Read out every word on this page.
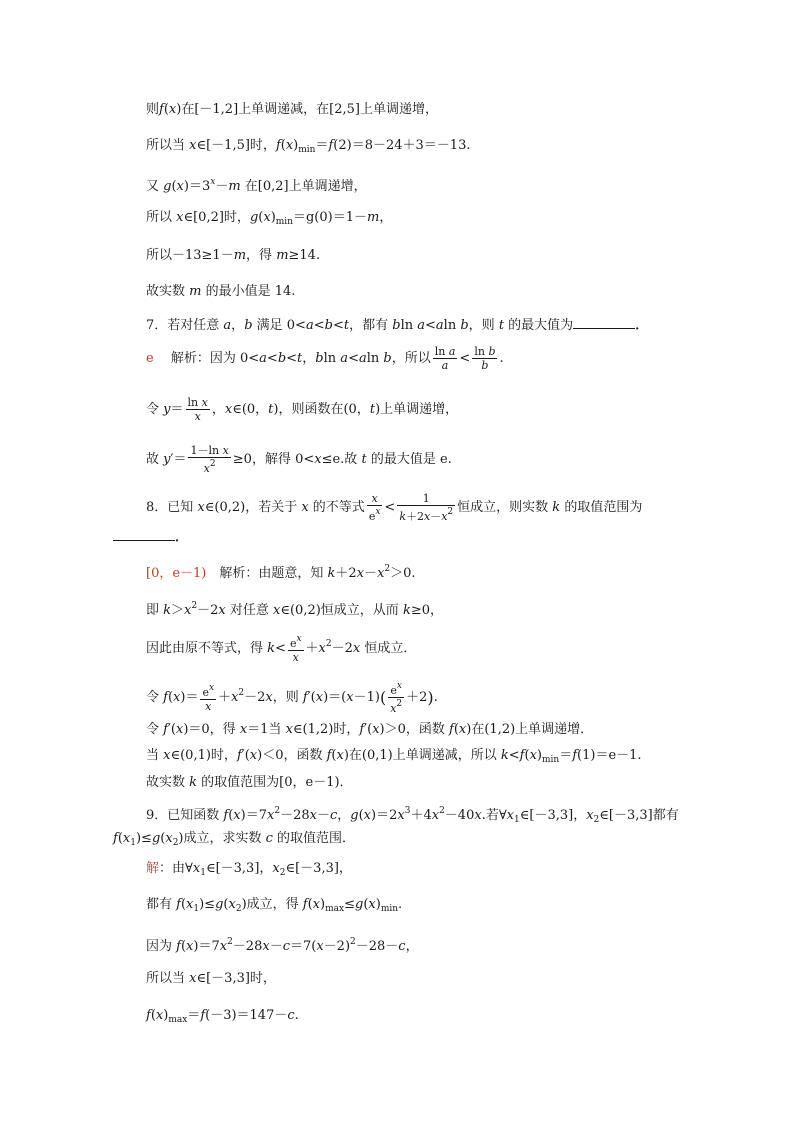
则f(x)在[－1,2]上单调递减，在[2,5]上单调递增，
所以当 x∈[－1,5]时，$f(x)_{min}=f(2)=8-24+3=-13$.
又 $g(x)=3^x-m$ 在[0,2]上单调递增，
所以 x∈[0,2]时，$g(x)_{min}=g(0)=1-m$，
所以－13≥1－m，得 m≥14.
故实数 m 的最小值是 14.
7．若对任意 a，b 满足 0<a<b<t，都有 bln a<aln b，则 t 的最大值为	．
e　 解析：因为 0<a<b<t，bln a<aln b，所以 $\frac{\text{ln a}}{a} < \frac{\text{ln b}}{b}$ .
令 $y= \frac{\text{ln x}}{x}$ ，x∈(0，t)，则函数在(0，t)上单调递增，
故 $y'= \frac{\text{1－ln x}}{x^2} \ge 0$，解得 0<x≤e.故 t 的最大值是 e.
8．已知 x∈(0,2)，若关于 x 的不等式 $\frac{x}{e^x} < \frac{1}{k+2x-x^2}$ 恒成立，则实数 k 的取值范围为
．
[0，e－1)　解析：由题意，知 $k+2x-x^2>0$.
即 $k>x^2-2x$ 对任意 x∈(0,2)恒成立，从而 k≥0，
因此由原不等式，得 $k< \frac{e^x}{x} +x^2-2x$ 恒成立．
令 $f(x)= \frac{e^x}{x} +x^2-2x$，则 $f'(x)=(x-1)( \frac{e^x}{x^2} +2)$.
令 f′(x)＝0，得 x＝1当 x∈(1,2)时，f′(x)＞0，函数 f(x)在(1,2)上单调递增．
当 x∈(0,1)时，f′(x)＜0，函数 f(x)在(0,1)上单调递减，所以 $k<f(x)_{min}=f(1)=e-1$.
故实数 k 的取值范围为[0，e－1)．
9．已知函数 $f(x)=7x^2-28x-c$，$g(x)=2x^3+4x^2-40x$.若$\forall x_1\in[-3,3]$，$x_2\in[-3,3]$都有
$f(x_1)\le g(x_2)$成立，求实数 c 的取值范围．
解：由$\forall x_1\in[-3,3]$，$x_2\in[-3,3]$，
都有 $f(x_1)\le g(x_2)$成立，得 $f(x)_{max}\le g(x)_{min}$.
因为 $f(x)=7x^2-28x-c=7(x-2)^2-28-c$，
所以当 x∈[－3,3]时，
$f(x)_{max}=f(-3)=147-c$.
